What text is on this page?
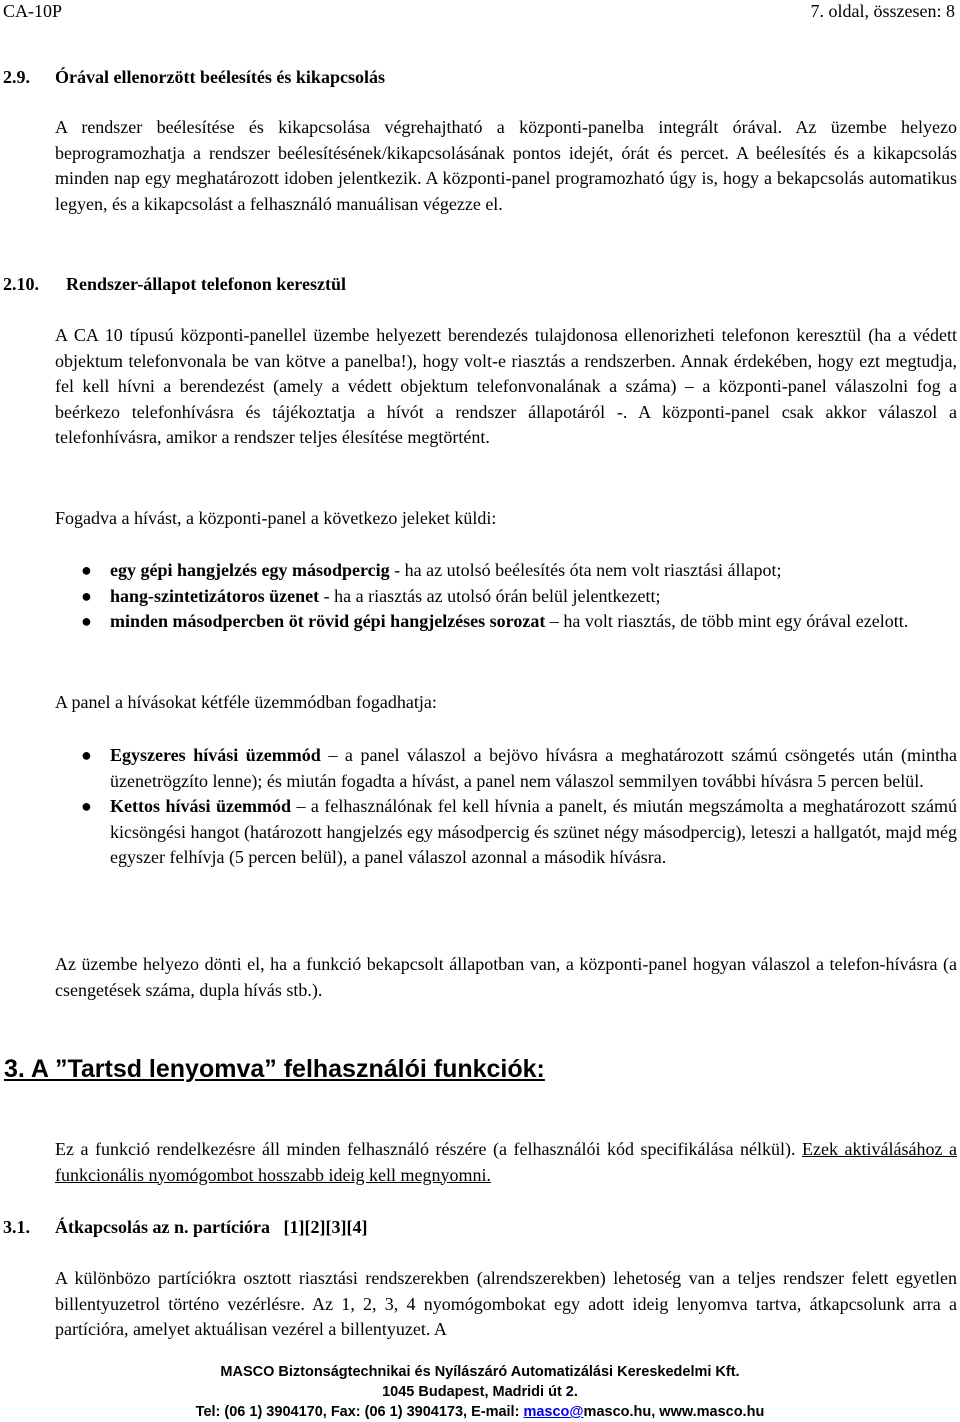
CA-10P	7. oldal, összesen: 8
2.9. Órával ellenorzött beélesítés és kikapcsolás
A rendszer beélesítése és kikapcsolása végrehajtható a központi-panelba integrált órával. Az üzembe helyezo beprogramozhatja a rendszer beélesítésének/kikapcsolásának pontos idejét, órát és percet. A beélesítés és a kikapcsolás minden nap egy meghatározott idoben jelentkezik. A központi-panel programozható úgy is, hogy a bekapcsolás automatikus legyen, és a kikapcsolást a felhasználó manuálisan végezze el.
2.10. Rendszer-állapot telefonon keresztül
A CA 10 típusú központi-panellel üzembe helyezett berendezés tulajdonosa ellenorizheti telefonon keresztül (ha a védett objektum telefonvonala be van kötve a panelba!), hogy volt-e riasztás a rendszerben. Annak érdekében, hogy ezt megtudja, fel kell hívni a berendezést (amely a védett objektum telefonvonalának a száma) – a központi-panel válaszolni fog a beérkezo telefonhívásra és tájékoztatja a hívót a rendszer állapotáról -. A központi-panel csak akkor válaszol a telefonhívásra, amikor a rendszer teljes élesítése megtörtént.
Fogadva a hívást, a központi-panel a következo jeleket küldi:
● egy gépi hangjelzés egy másodpercig - ha az utolsó beélesítés óta nem volt riasztási állapot;
● hang-szintetizátoros üzenet - ha a riasztás az utolsó órán belül jelentkezett;
● minden másodpercben öt rövid gépi hangjelzéses sorozat – ha volt riasztás, de több mint egy órával ezelott.
A panel a hívásokat kétféle üzemmódban fogadhatja:
● Egyszeres hívási üzemmód – a panel válaszol a bejövo hívásra a meghatározott számú csöngetés után (mintha üzenetrögzíto lenne); és miután fogadta a hívást, a panel nem válaszol semmilyen további hívásra 5 percen belül.
● Kettos hívási üzemmód – a felhasználónak fel kell hívnia a panelt, és miután megszámolta a meghatározott számú kicsöngési hangot (határozott hangjelzés egy másodpercig és szünet négy másodpercig), leteszi a hallgatót, majd még egyszer felhívja (5 percen belül), a panel válaszol azonnal a második hívásra.
Az üzembe helyezo dönti el, ha a funkció bekapcsolt állapotban van, a központi-panel hogyan válaszol a telefon-hívásra (a csengetések száma, dupla hívás stb.).
3. A ”Tartsd lenyomva” felhasználói funkciók:
Ez a funkció rendelkezésre áll minden felhasználó részére (a felhasználói kód specifikálása nélkül). Ezek aktiválásához a funkcionális nyomógombot hosszabb ideig kell megnyomni.
3.1. Átkapcsolás az n. partícióra   [1][2][3][4]
A különbözo partíciókra osztott riasztási rendszerekben (alrendszerekben) lehetoség van a teljes rendszer felett egyetlen billentyuzetrol történo vezérlésre. Az 1, 2, 3, 4 nyomógombokat egy adott ideig lenyomva tartva, átkapcsolunk arra a partícióra, amelyet aktuálisan vezérel a billentyuzet. A
MASCO Biztonságtechnikai és Nyílászáró Automatizálási Kereskedelmi Kft.
1045 Budapest, Madridi út 2.
Tel: (06 1) 3904170, Fax: (06 1) 3904173, E-mail: masco@masco.hu, www.masco.hu
